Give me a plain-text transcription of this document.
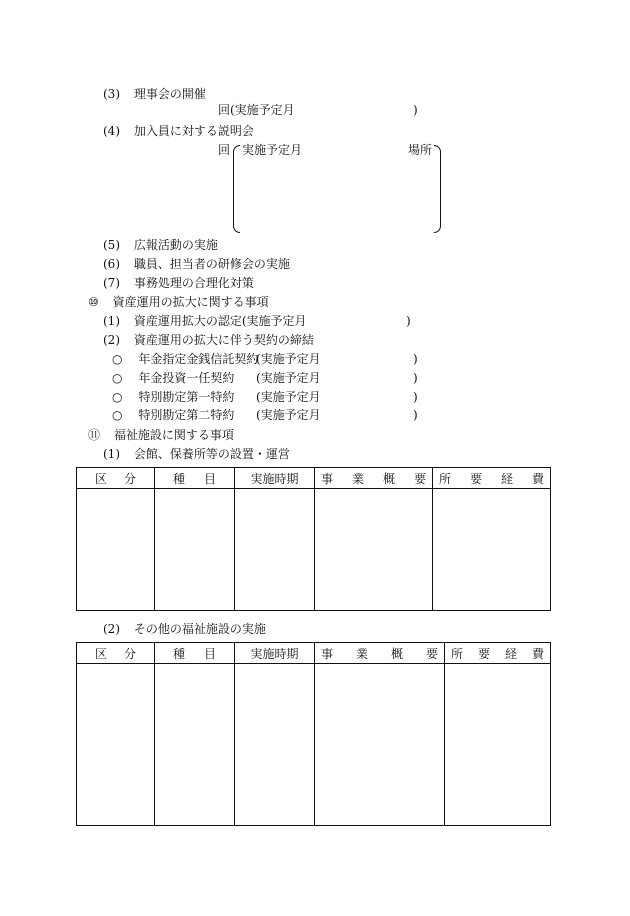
(3) 理事会の開催
回(実施予定月	)
(4) 加入員に対する説明会
回 実施予定月	場所
(5) 広報活動の実施
(6) 職員、担当者の研修会の実施
(7) 事務処理の合理化対策
⑩ 資産運用の拡大に関する事項
(1) 資産運用拡大の認定(実施予定月	)
(2) 資産運用の拡大に伴う契約の締結
○ 年金指定金銭信託契約
(実施予定月	)
○ 年金投資一任契約 (実施予定月	)
○ 特別勘定第一特約 (実施予定月	)
○ 特別勘定第二特約 (実施予定月	)
⑪ 福祉施設に関する事項
(1) 会館、保養所等の設置・運営
区 分	種 目	実施時期	事 業 概 要	所 要 経 費

(2) その他の福祉施設の実施
区 分	種 目	実施時期	事 業 概 要	所 要 経 費
